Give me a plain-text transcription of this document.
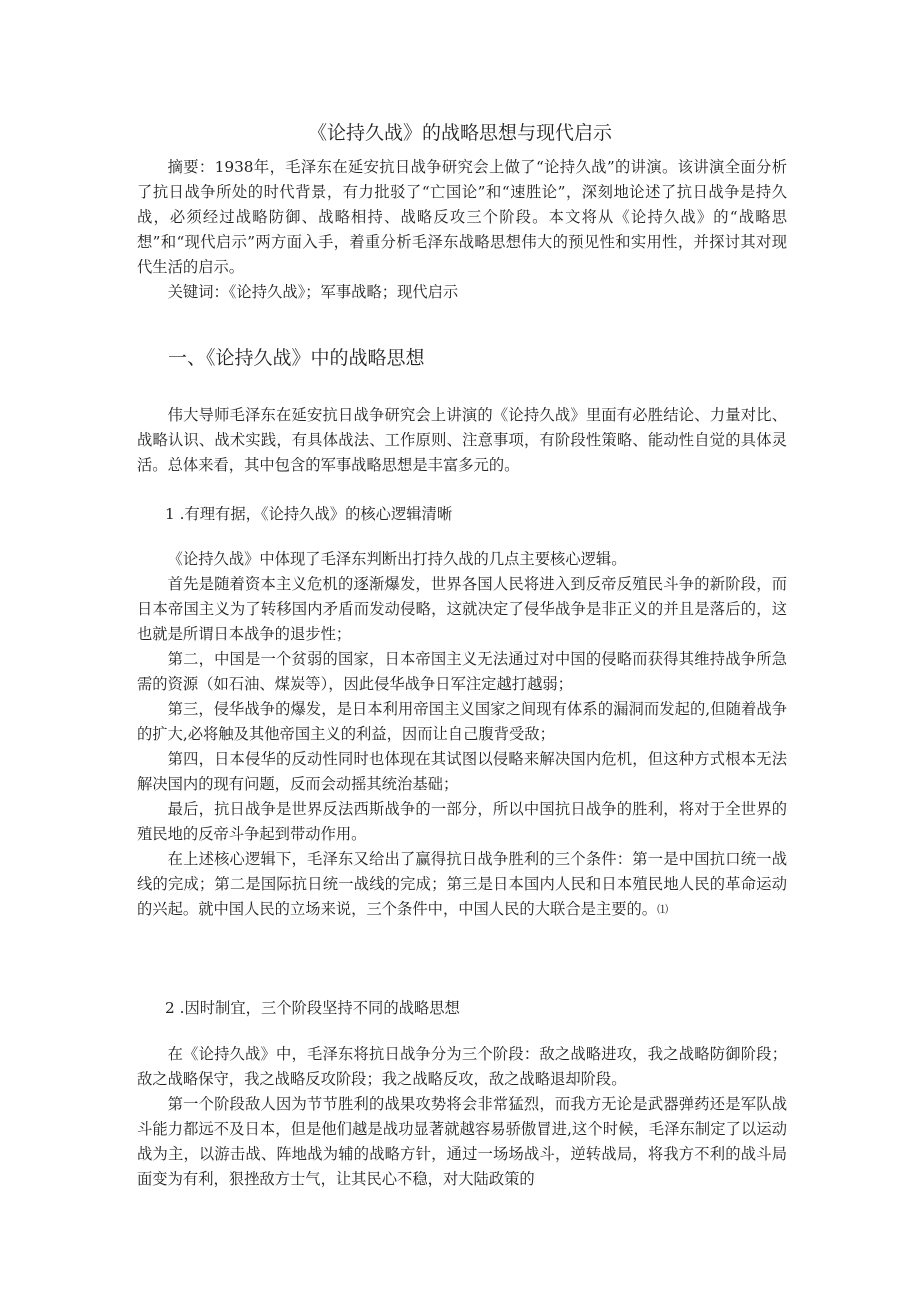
《论持久战》的战略思想与现代启示

摘要：1938年，毛泽东在延安抗日战争研究会上做了“论持久战”的讲演。该讲演全面分析了抗日战争所处的时代背景，有力批驳了“亡国论”和“速胜论”，深刻地论述了抗日战争是持久战，必须经过战略防御、战略相持、战略反攻三个阶段。本文将从《论持久战》的“战略思想”和“现代启示”两方面入手，着重分析毛泽东战略思想伟大的预见性和实用性，并探讨其对现代生活的启示。

关键词：《论持久战》；军事战略；现代启示

一、《论持久战》中的战略思想

伟大导师毛泽东在延安抗日战争研究会上讲演的《论持久战》里面有必胜结论、力量对比、战略认识、战术实践，有具体战法、工作原则、注意事项，有阶段性策略、能动性自觉的具体灵活。总体来看，其中包含的军事战略思想是丰富多元的。

1 .有理有据，《论持久战》的核心逻辑清晰

《论持久战》中体现了毛泽东判断出打持久战的几点主要核心逻辑。

首先是随着资本主义危机的逐渐爆发，世界各国人民将进入到反帝反殖民斗争的新阶段，而日本帝国主义为了转移国内矛盾而发动侵略，这就决定了侵华战争是非正义的并且是落后的，这也就是所谓日本战争的退步性；

第二，中国是一个贫弱的国家，日本帝国主义无法通过对中国的侵略而获得其维持战争所急需的资源（如石油、煤炭等），因此侵华战争日军注定越打越弱；

第三，侵华战争的爆发，是日本利用帝国主义国家之间现有体系的漏洞而发起的,但随着战争的扩大,必将触及其他帝国主义的利益，因而让自己腹背受敌；

第四，日本侵华的反动性同时也体现在其试图以侵略来解决国内危机，但这种方式根本无法解决国内的现有问题，反而会动摇其统治基础；

最后，抗日战争是世界反法西斯战争的一部分，所以中国抗日战争的胜利，将对于全世界的殖民地的反帝斗争起到带动作用。

在上述核心逻辑下，毛泽东又给出了赢得抗日战争胜利的三个条件：第一是中国抗口统一战线的完成；第二是国际抗日统一战线的完成；第三是日本国内人民和日本殖民地人民的革命运动的兴起。就中国人民的立场来说，三个条件中，中国人民的大联合是主要的。⑴

2 .因时制宜，三个阶段坚持不同的战略思想

在《论持久战》中，毛泽东将抗日战争分为三个阶段：敌之战略进攻，我之战略防御阶段；敌之战略保守，我之战略反攻阶段；我之战略反攻，敌之战略退却阶段。

第一个阶段敌人因为节节胜利的战果攻势将会非常猛烈，而我方无论是武器弹药还是军队战斗能力都远不及日本，但是他们越是战功显著就越容易骄傲冒进,这个时候，毛泽东制定了以运动战为主，以游击战、阵地战为辅的战略方针，通过一场场战斗，逆转战局，将我方不利的战斗局面变为有利，狠挫敌方士气，让其民心不稳，对大陆政策的
